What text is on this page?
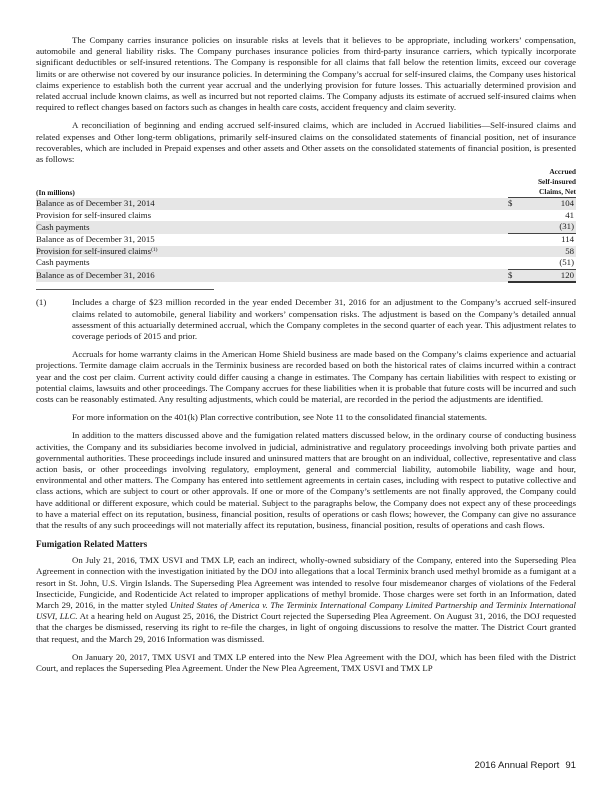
The Company carries insurance policies on insurable risks at levels that it believes to be appropriate, including workers’ compensation, automobile and general liability risks. The Company purchases insurance policies from third-party insurance carriers, which typically incorporate significant deductibles or self-insured retentions. The Company is responsible for all claims that fall below the retention limits, exceed our coverage limits or are otherwise not covered by our insurance policies. In determining the Company’s accrual for self-insured claims, the Company uses historical claims experience to establish both the current year accrual and the underlying provision for future losses. This actuarially determined provision and related accrual include known claims, as well as incurred but not reported claims. The Company adjusts its estimate of accrued self-insured claims when required to reflect changes based on factors such as changes in health care costs, accident frequency and claim severity.

A reconciliation of beginning and ending accrued self-insured claims, which are included in Accrued liabilities—Self-insured claims and related expenses and Other long-term obligations, primarily self-insured claims on the consolidated statements of financial position, net of insurance recoverables, which are included in Prepaid expenses and other assets and Other assets on the consolidated statements of financial position, is presented as follows:

(In millions)	Accrued
Self-insured
Claims, Net	

Balance as of December 31, 2014	$	104
Provision for self-insured claims		41
Cash payments		(31)
Balance as of December 31, 2015		114
Provision for self-insured claims$^{(1)}$		58
Cash payments		(51)
Balance as of December 31, 2016	$	120
(1)	Includes a charge of $23 million recorded in the year ended December 31, 2016 for an adjustment to the Company’s accrued self-insured claims related to automobile, general liability and workers’ compensation risks. The adjustment is based on the Company’s detailed annual assessment of this actuarially determined accrual, which the Company completes in the second quarter of each year. This adjustment relates to coverage periods of 2015 and prior.

Accruals for home warranty claims in the American Home Shield business are made based on the Company’s claims experience and actuarial projections. Termite damage claim accruals in the Terminix business are recorded based on both the historical rates of claims incurred within a contract year and the cost per claim. Current activity could differ causing a change in estimates. The Company has certain liabilities with respect to existing or potential claims, lawsuits and other proceedings. The Company accrues for these liabilities when it is probable that future costs will be incurred and such costs can be reasonably estimated. Any resulting adjustments, which could be material, are recorded in the period the adjustments are identified.

For more information on the 401(k) Plan corrective contribution, see Note 11 to the consolidated financial statements.

In addition to the matters discussed above and the fumigation related matters discussed below, in the ordinary course of conducting business activities, the Company and its subsidiaries become involved in judicial, administrative and regulatory proceedings involving both private parties and governmental authorities. These proceedings include insured and uninsured matters that are brought on an individual, collective, representative and class action basis, or other proceedings involving regulatory, employment, general and commercial liability, automobile liability, wage and hour, environmental and other matters. The Company has entered into settlement agreements in certain cases, including with respect to putative collective and class actions, which are subject to court or other approvals. If one or more of the Company’s settlements are not finally approved, the Company could have additional or different exposure, which could be material. Subject to the paragraphs below, the Company does not expect any of these proceedings to have a material effect on its reputation, business, financial position, results of operations or cash flows; however, the Company can give no assurance that the results of any such proceedings will not materially affect its reputation, business, financial position, results of operations and cash flows.

Fumigation Related Matters

On July 21, 2016, TMX USVI and TMX LP, each an indirect, wholly-owned subsidiary of the Company, entered into the Superseding Plea Agreement in connection with the investigation initiated by the DOJ into allegations that a local Terminix branch used methyl bromide as a fumigant at a resort in St. John, U.S. Virgin Islands. The Superseding Plea Agreement was intended to resolve four misdemeanor charges of violations of the Federal Insecticide, Fungicide, and Rodenticide Act related to improper applications of methyl bromide. Those charges were set forth in an Information, dated March 29, 2016, in the matter styled United States of America v. The Terminix International Company Limited Partnership and Terminix International USVI, LLC. At a hearing held on August 25, 2016, the District Court rejected the Superseding Plea Agreement. On August 31, 2016, the DOJ requested that the charges be dismissed, reserving its right to re-file the charges, in light of ongoing discussions to resolve the matter. The District Court granted that request, and the March 29, 2016 Information was dismissed.

On January 20, 2017, TMX USVI and TMX LP entered into the New Plea Agreement with the DOJ, which has been filed with the District Court, and replaces the Superseding Plea Agreement. Under the New Plea Agreement, TMX USVI and TMX LP

2016 Annual Report 91
